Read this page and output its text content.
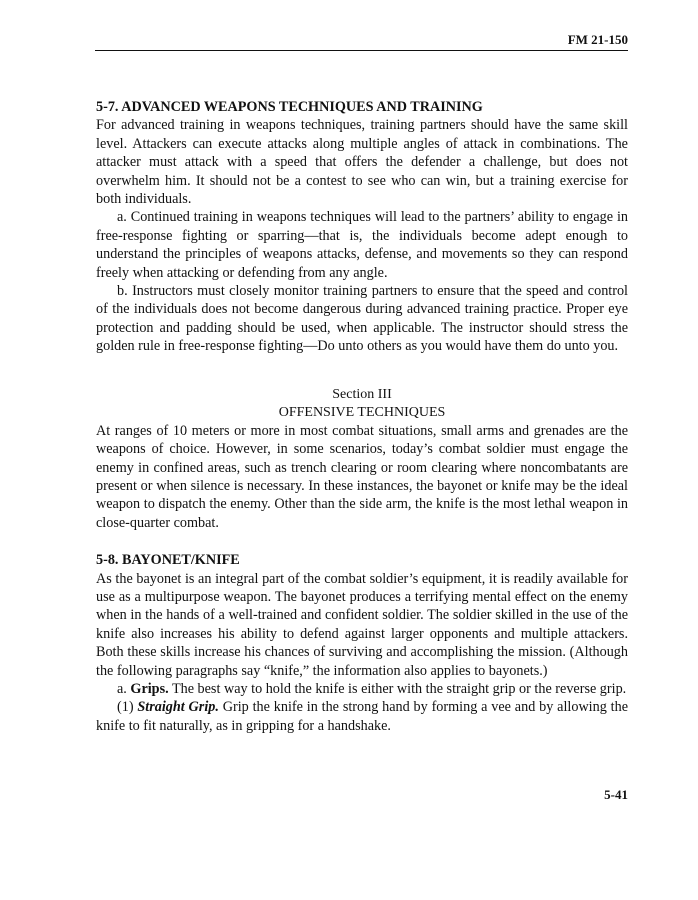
FM 21-150

5-7. ADVANCED WEAPONS TECHNIQUES AND TRAINING

For advanced training in weapons techniques, training partners should have the same skill level. Attackers can execute attacks along multiple angles of attack in combinations. The attacker must attack with a speed that offers the defender a challenge, but does not overwhelm him. It should not be a contest to see who can win, but a training exercise for both individuals.

a. Continued training in weapons techniques will lead to the partners’ ability to engage in free-response fighting or sparring—that is, the individuals become adept enough to understand the principles of weapons attacks, defense, and movements so they can respond freely when attacking or defending from any angle.

b. Instructors must closely monitor training partners to ensure that the speed and control of the individuals does not become dangerous during advanced training practice. Proper eye protection and padding should be used, when applicable. The instructor should stress the golden rule in free-response fighting—Do unto others as you would have them do unto you.

Section III
OFFENSIVE TECHNIQUES

At ranges of 10 meters or more in most combat situations, small arms and grenades are the weapons of choice. However, in some scenarios, today’s combat soldier must engage the enemy in confined areas, such as trench clearing or room clearing where noncombatants are present or when silence is necessary. In these instances, the bayonet or knife may be the ideal weapon to dispatch the enemy. Other than the side arm, the knife is the most lethal weapon in close-quarter combat.

5-8. BAYONET/KNIFE

As the bayonet is an integral part of the combat soldier’s equipment, it is readily available for use as a multipurpose weapon. The bayonet produces a terrifying mental effect on the enemy when in the hands of a well-trained and confident soldier. The soldier skilled in the use of the knife also increases his ability to defend against larger opponents and multiple attackers. Both these skills increase his chances of surviving and accomplishing the mission. (Although the following paragraphs say “knife,” the information also applies to bayonets.)

a. Grips. The best way to hold the knife is either with the straight grip or the reverse grip.

(1) Straight Grip. Grip the knife in the strong hand by forming a vee and by allowing the knife to fit naturally, as in gripping for a handshake.

5-41
